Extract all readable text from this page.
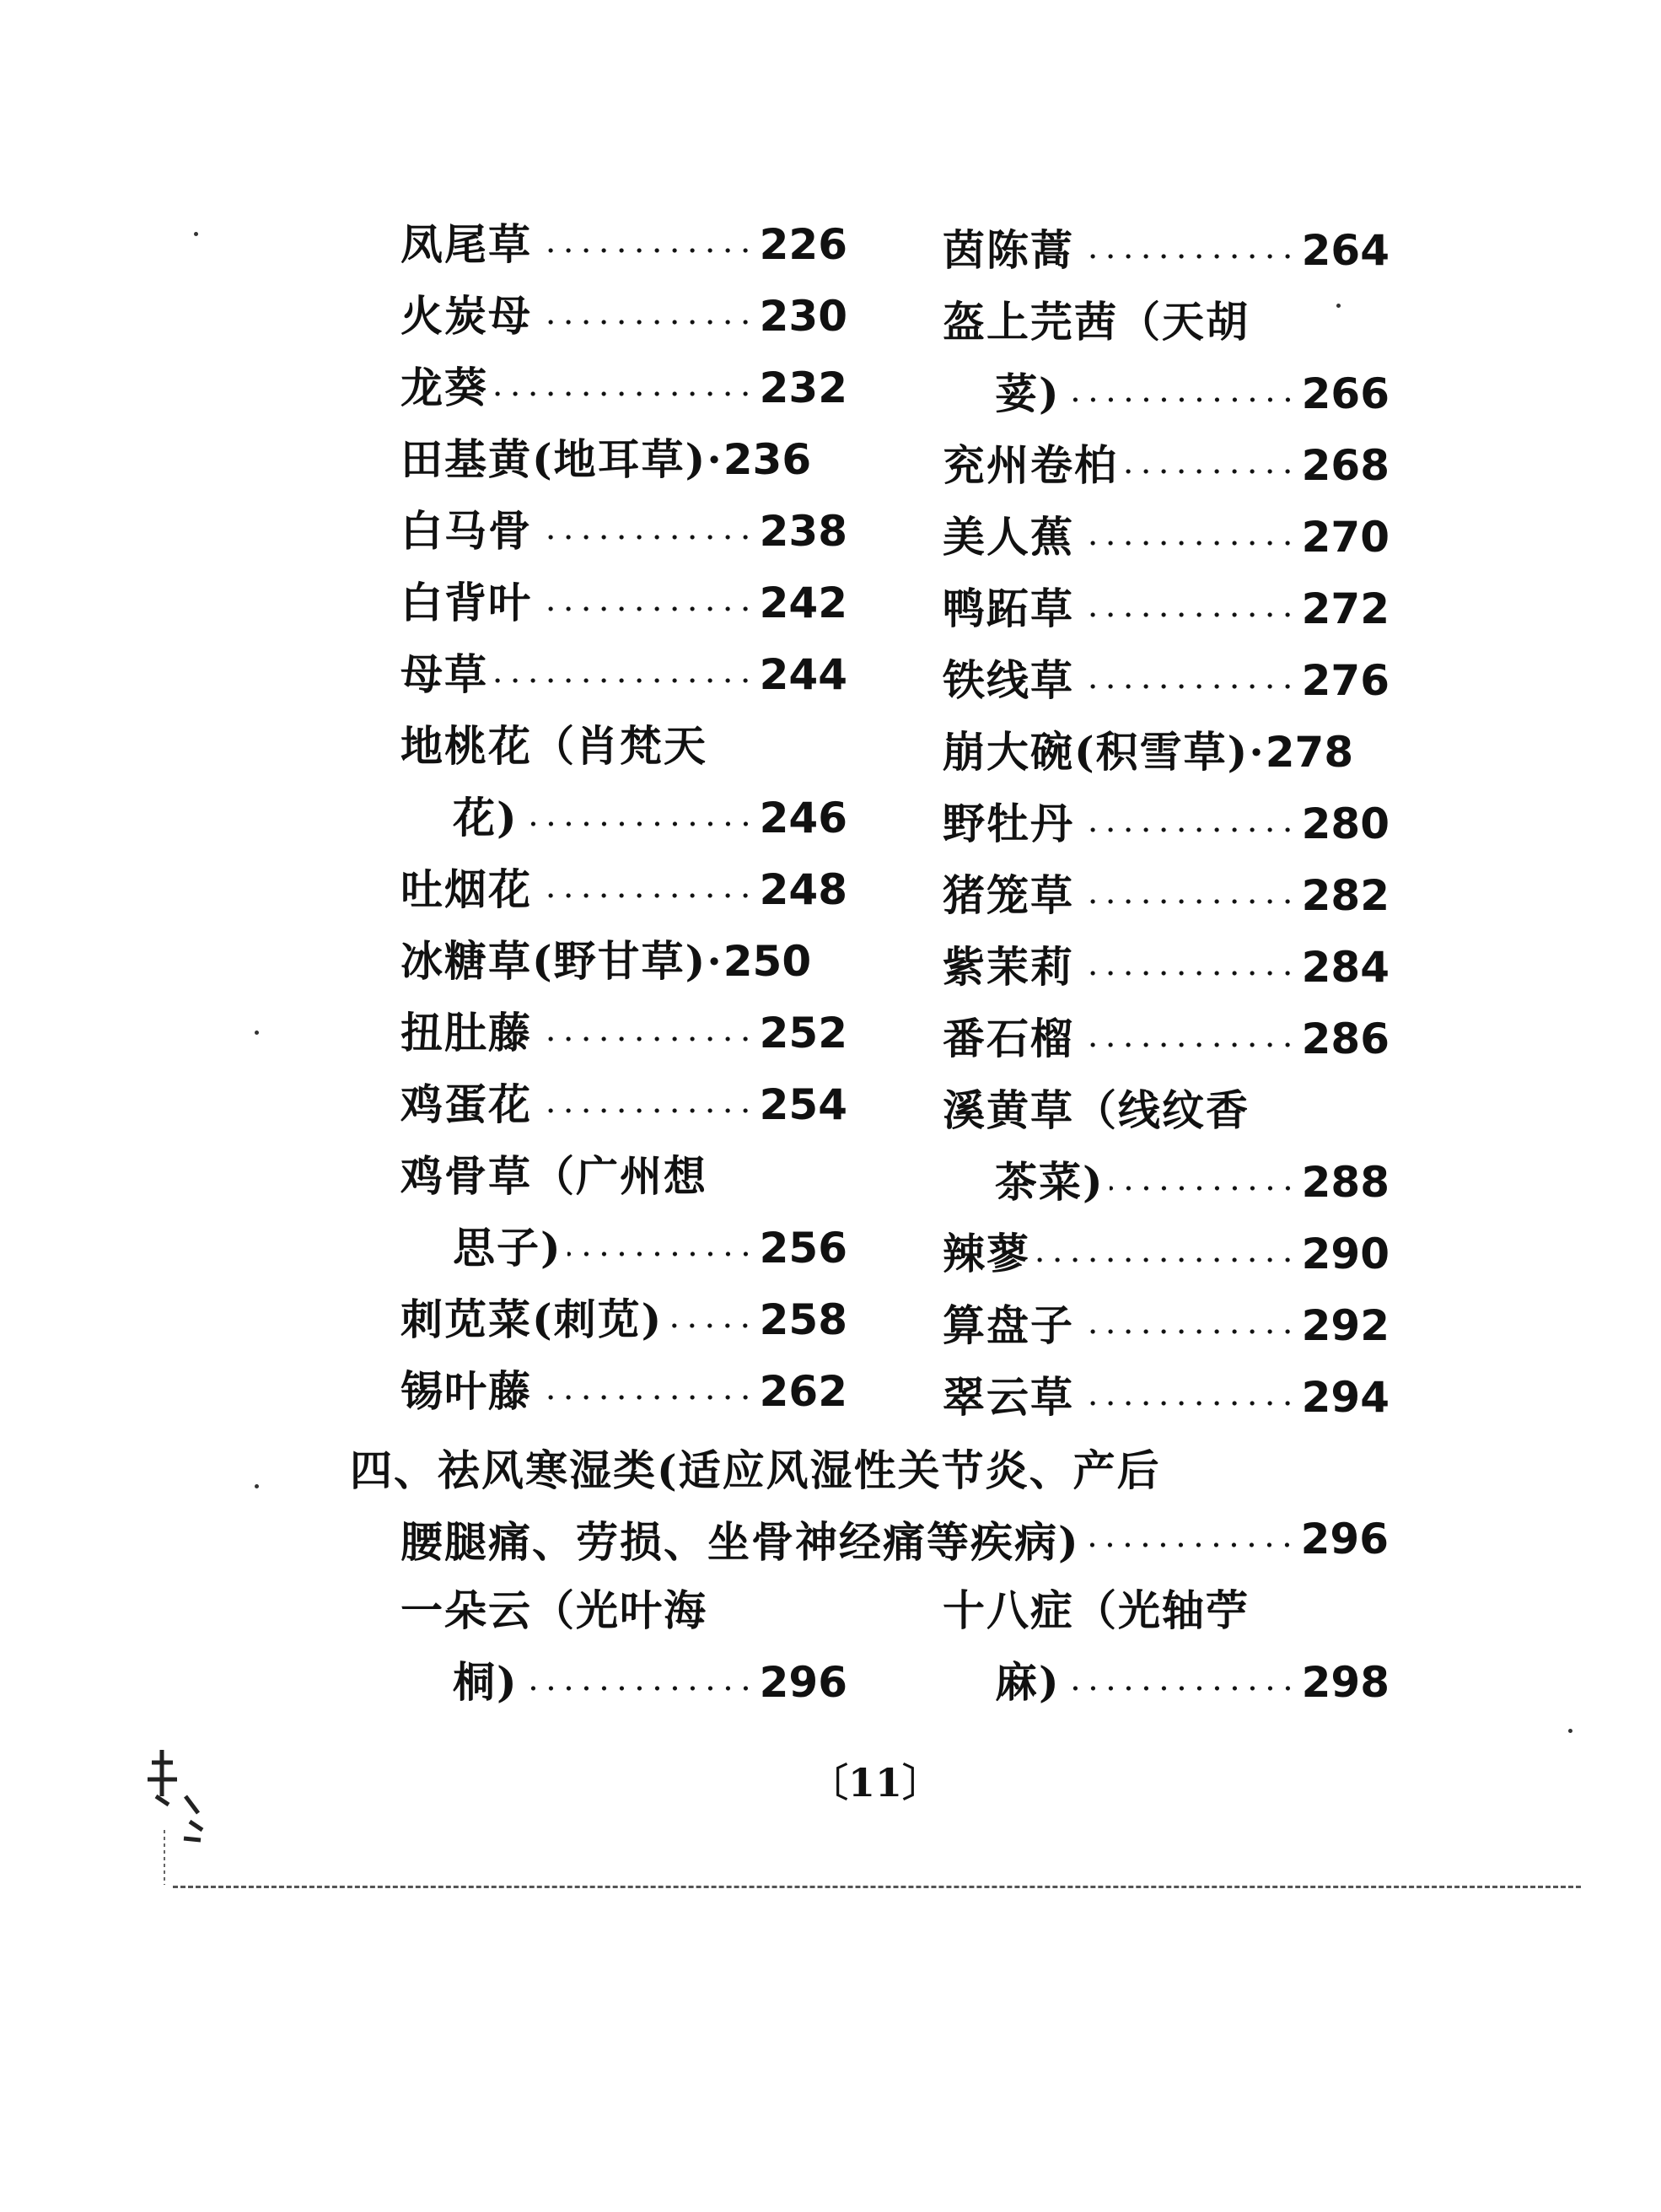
凤尾草	226
火炭母	230
龙葵	232
田基黄(地耳草)· 236
白马骨	238
白背叶	242
母草	244
地桃花（肖梵天
花)	246
吐烟花	248
冰糖草(野甘草)· 250
扭肚藤	252
鸡蛋花	254
鸡骨草（广州想
思子)	256
刺苋菜(刺苋) 258
锡叶藤	262
茵陈蒿	264
盔上芫茜（天胡
荽)	266
兖州卷柏	268
美人蕉	270
鸭跖草	272
铁线草	276
崩大碗(积雪草)· 278
野牡丹	280
猪笼草	282
紫茉莉	284
番石榴	286
溪黄草（线纹香
茶菜)	288
辣蓼	290
算盘子	292
翠云草	294
四、祛风寒湿类(适应风湿性关节炎、产后
腰腿痛、劳损、坐骨神经痛等疾病)	296
一朵云（光叶海
桐)	296
十八症（光轴苧
麻)	298
〔11〕
